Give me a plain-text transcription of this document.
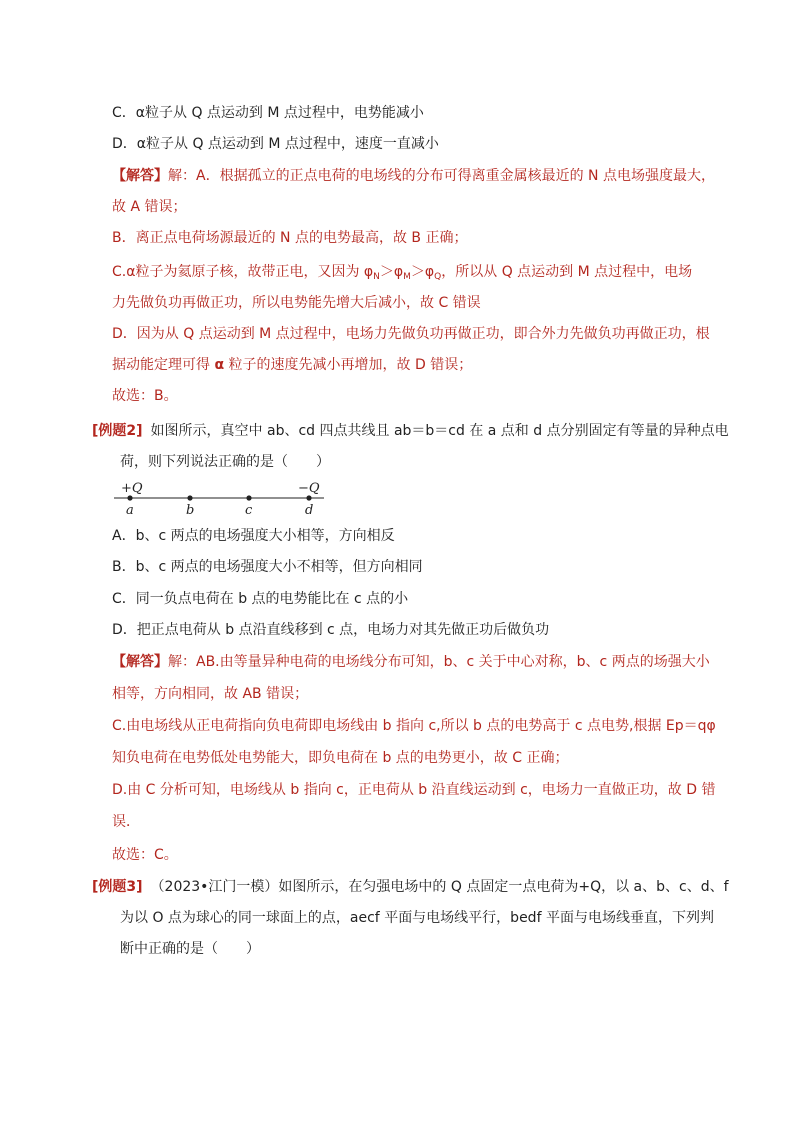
C．α粒子从 Q 点运动到 M 点过程中，电势能减小
D．α粒子从 Q 点运动到 M 点过程中，速度一直减小
【解答】解：A．根据孤立的正点电荷的电场线的分布可得离重金属核最近的 N 点电场强度最大，
故 A 错误；
B．离正点电荷场源最近的 N 点的电势最高，故 B 正确；
C.α粒子为氦原子核，故带正电，又因为 $\varphi_N>\varphi_M>\varphi_Q$，所以从 Q 点运动到 M 点过程中，电场
力先做负功再做正功，所以电势能先增大后减小，故 C 错误
D．因为从 Q 点运动到 M 点过程中，电场力先做负功再做正功，即合外力先做负功再做正功，根
据动能定理可得 α 粒子的速度先减小再增加，故 D 错误；
故选：B。
[例题2] 如图所示，真空中 ab、cd 四点共线且 ab＝b＝cd 在 a 点和 d 点分别固定有等量的异种点电
荷，则下列说法正确的是（　　）
+Q	−Q
a	b	c	d
A．b、c 两点的电场强度大小相等，方向相反
B．b、c 两点的电场强度大小不相等，但方向相同
C．同一负点电荷在 b 点的电势能比在 c 点的小
D．把正点电荷从 b 点沿直线移到 c 点，电场力对其先做正功后做负功
【解答】解：AB.由等量异种电荷的电场线分布可知，b、c 关于中心对称，b、c 两点的场强大小
相等，方向相同，故 AB 错误；
C.由电场线从正电荷指向负电荷即电场线由 b 指向 c,所以 b 点的电势高于 c 点电势,根据 Ep＝qφ
知负电荷在电势低处电势能大，即负电荷在 b 点的电势更小，故 C 正确；
D.由 C 分析可知，电场线从 b 指向 c，正电荷从 b 沿直线运动到 c，电场力一直做正功，故 D 错
误．
故选：C。
[例题3] （2023•江门一模）如图所示，在匀强电场中的 Q 点固定一点电荷为+Q，以 a、b、c、d、f
为以 O 点为球心的同一球面上的点，aecf 平面与电场线平行，bedf 平面与电场线垂直，下列判
断中正确的是（　　）
